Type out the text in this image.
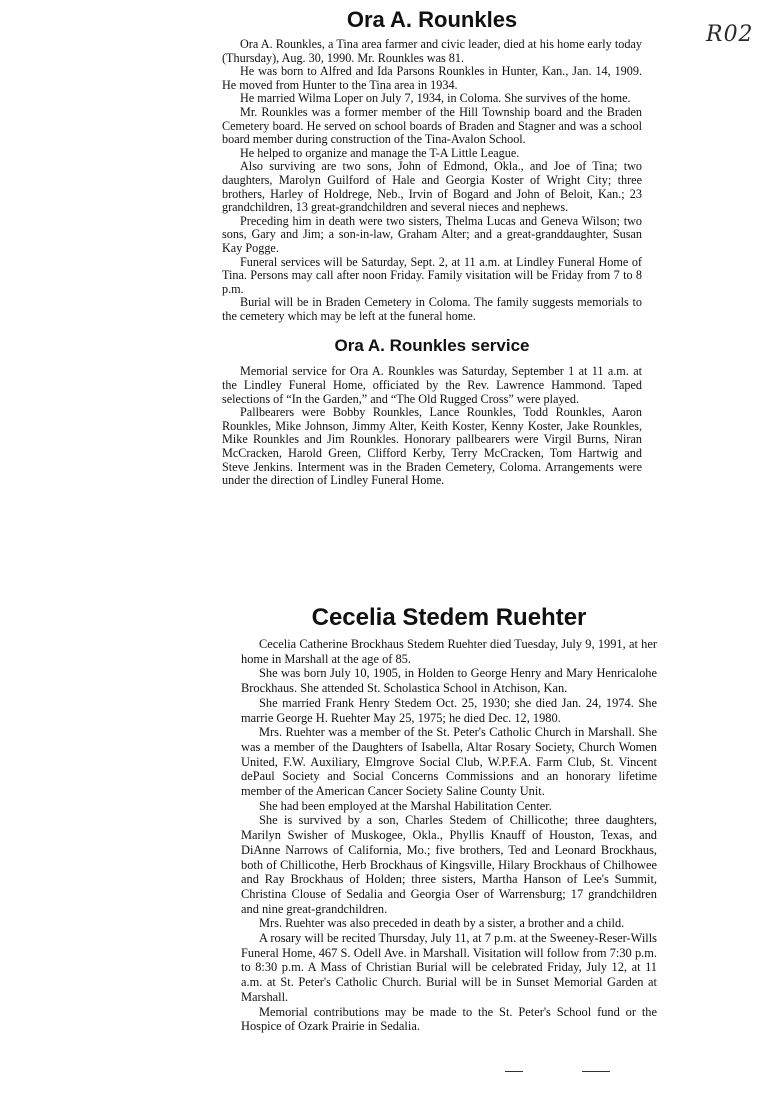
R02
Ora A. Rounkles

Ora A. Rounkles, a Tina area farmer and civic leader, died at his home early today (Thursday), Aug. 30, 1990. Mr. Rounkles was 81.

He was born to Alfred and Ida Parsons Rounkles in Hunter, Kan., Jan. 14, 1909. He moved from Hunter to the Tina area in 1934.

He married Wilma Loper on July 7, 1934, in Coloma. She survives of the home.

Mr. Rounkles was a former member of the Hill Township board and the Braden Cemetery board. He served on school boards of Braden and Stagner and was a school board member during construction of the Tina-Avalon School.

He helped to organize and manage the T-A Little League.

Also surviving are two sons, John of Edmond, Okla., and Joe of Tina; two daughters, Marolyn Guilford of Hale and Georgia Koster of Wright City; three brothers, Harley of Holdrege, Neb., Irvin of Bogard and John of Beloit, Kan.; 23 grandchildren, 13 great-grandchildren and several nieces and nephews.

Preceding him in death were two sisters, Thelma Lucas and Geneva Wilson; two sons, Gary and Jim; a son-in-law, Graham Alter; and a great-granddaughter, Susan Kay Pogge.

Funeral services will be Saturday, Sept. 2, at 11 a.m. at Lindley Funeral Home of Tina. Persons may call after noon Friday. Family visitation will be Friday from 7 to 8 p.m.

Burial will be in Braden Cemetery in Coloma. The family suggests memorials to the cemetery which may be left at the funeral home.

Ora A. Rounkles service

Memorial service for Ora A. Rounkles was Saturday, September 1 at 11 a.m. at the Lindley Funeral Home, officiated by the Rev. Lawrence Hammond. Taped selections of “In the Garden,” and “The Old Rugged Cross” were played.

Pallbearers were Bobby Rounkles, Lance Rounkles, Todd Rounkles, Aaron Rounkles, Mike Johnson, Jimmy Alter, Keith Koster, Kenny Koster, Jake Rounkles, Mike Rounkles and Jim Rounkles. Honorary pallbearers were Virgil Burns, Niran McCracken, Harold Green, Clifford Kerby, Terry McCracken, Tom Hartwig and Steve Jenkins. Interment was in the Braden Cemetery, Coloma. Arrangements were under the direction of Lindley Funeral Home.

Cecelia Stedem Ruehter

Cecelia Catherine Brockhaus Stedem Ruehter died Tuesday, July 9, 1991, at her home in Marshall at the age of 85.

She was born July 10, 1905, in Holden to George Henry and Mary Henricalohe Brockhaus. She attended St. Scholastica School in Atchison, Kan.

She married Frank Henry Stedem Oct. 25, 1930; she died Jan. 24, 1974. She marrie George H. Ruehter May 25, 1975; he died Dec. 12, 1980.

Mrs. Ruehter was a member of the St. Peter's Catholic Church in Marshall. She was a member of the Daughters of Isabella, Altar Rosary Society, Church Women United, F.W. Auxiliary, Elmgrove Social Club, W.P.F.A. Farm Club, St. Vincent dePaul Society and Social Concerns Commissions and an honorary lifetime member of the American Cancer Society Saline County Unit.

She had been employed at the Marshal Habilitation Center.

She is survived by a son, Charles Stedem of Chillicothe; three daughters, Marilyn Swisher of Muskogee, Okla., Phyllis Knauff of Houston, Texas, and DiAnne Narrows of California, Mo.; five brothers, Ted and Leonard Brockhaus, both of Chillicothe, Herb Brockhaus of Kingsville, Hilary Brockhaus of Chilhowee and Ray Brockhaus of Holden; three sisters, Martha Hanson of Lee's Summit, Christina Clouse of Sedalia and Georgia Oser of Warrensburg; 17 grandchildren and nine great-grandchildren.

Mrs. Ruehter was also preceded in death by a sister, a brother and a child.

A rosary will be recited Thursday, July 11, at 7 p.m. at the Sweeney-Reser-Wills Funeral Home, 467 S. Odell Ave. in Marshall. Visitation will follow from 7:30 p.m. to 8:30 p.m. A Mass of Christian Burial will be celebrated Friday, July 12, at 11 a.m. at St. Peter's Catholic Church. Burial will be in Sunset Memorial Garden at Marshall.

Memorial contributions may be made to the St. Peter's School fund or the Hospice of Ozark Prairie in Sedalia.
